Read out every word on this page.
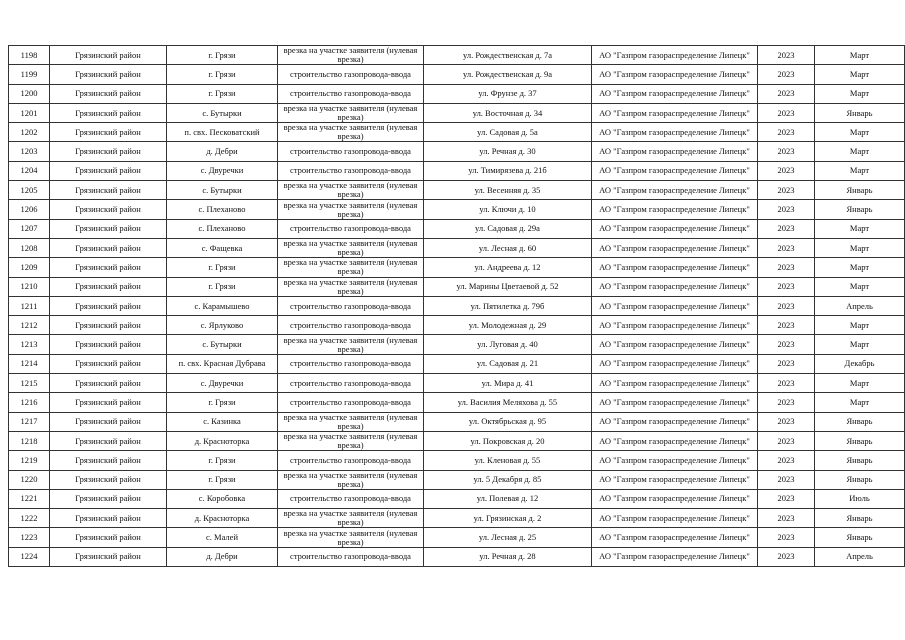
1198	Грязинский район	г. Грязи	врезка на участке заявителя (нулевая врезка)	ул. Рождественская д. 7а	АО "Газпром газораспределение Липецк"	2023	Март
1199	Грязинский район	г. Грязи	строительство газопровода-ввода	ул. Рождественская д. 9а	АО "Газпром газораспределение Липецк"	2023	Март
1200	Грязинский район	г. Грязи	строительство газопровода-ввода	ул. Фрунзе д. 37	АО "Газпром газораспределение Липецк"	2023	Март
1201	Грязинский район	с. Бутырки	врезка на участке заявителя (нулевая врезка)	ул. Восточная д. 34	АО "Газпром газораспределение Липецк"	2023	Январь
1202	Грязинский район	п. свх. Песковатский	врезка на участке заявителя (нулевая врезка)	ул. Садовая д. 5а	АО "Газпром газораспределение Липецк"	2023	Март
1203	Грязинский район	д. Дебри	строительство газопровода-ввода	ул. Речная д. 30	АО "Газпром газораспределение Липецк"	2023	Март
1204	Грязинский район	с. Двуречки	строительство газопровода-ввода	ул. Тимирязева д. 21б	АО "Газпром газораспределение Липецк"	2023	Март
1205	Грязинский район	с. Бутырки	врезка на участке заявителя (нулевая врезка)	ул. Весенняя д. 35	АО "Газпром газораспределение Липецк"	2023	Январь
1206	Грязинский район	с. Плеханово	врезка на участке заявителя (нулевая врезка)	ул. Ключи д. 10	АО "Газпром газораспределение Липецк"	2023	Январь
1207	Грязинский район	с. Плеханово	строительство газопровода-ввода	ул. Садовая д. 29а	АО "Газпром газораспределение Липецк"	2023	Март
1208	Грязинский район	с. Фащевка	врезка на участке заявителя (нулевая врезка)	ул. Лесная д. 60	АО "Газпром газораспределение Липецк"	2023	Март
1209	Грязинский район	г. Грязи	врезка на участке заявителя (нулевая врезка)	ул. Андреева д. 12	АО "Газпром газораспределение Липецк"	2023	Март
1210	Грязинский район	г. Грязи	врезка на участке заявителя (нулевая врезка)	ул. Марины Цветаевой д. 52	АО "Газпром газораспределение Липецк"	2023	Март
1211	Грязинский район	с. Карамышево	строительство газопровода-ввода	ул. Пятилетка д. 79б	АО "Газпром газораспределение Липецк"	2023	Апрель
1212	Грязинский район	с. Ярлуково	строительство газопровода-ввода	ул. Молодежная д. 29	АО "Газпром газораспределение Липецк"	2023	Март
1213	Грязинский район	с. Бутырки	врезка на участке заявителя (нулевая врезка)	ул. Луговая д. 40	АО "Газпром газораспределение Липецк"	2023	Март
1214	Грязинский район	п. свх. Красная Дубрава	строительство газопровода-ввода	ул. Садовая д. 21	АО "Газпром газораспределение Липецк"	2023	Декабрь
1215	Грязинский район	с. Двуречки	строительство газопровода-ввода	ул. Мира д. 41	АО "Газпром газораспределение Липецк"	2023	Март
1216	Грязинский район	г. Грязи	строительство газопровода-ввода	ул. Василия Меляхова д. 55	АО "Газпром газораспределение Липецк"	2023	Март
1217	Грязинский район	с. Казинка	врезка на участке заявителя (нулевая врезка)	ул. Октябрьская д. 95	АО "Газпром газораспределение Липецк"	2023	Январь
1218	Грязинский район	д. Красноторка	врезка на участке заявителя (нулевая врезка)	ул. Покровская д. 20	АО "Газпром газораспределение Липецк"	2023	Январь
1219	Грязинский район	г. Грязи	строительство газопровода-ввода	ул. Кленовая д. 55	АО "Газпром газораспределение Липецк"	2023	Январь
1220	Грязинский район	г. Грязи	врезка на участке заявителя (нулевая врезка)	ул. 5 Декабря д. 85	АО "Газпром газораспределение Липецк"	2023	Январь
1221	Грязинский район	с. Коробовка	строительство газопровода-ввода	ул. Полевая д. 12	АО "Газпром газораспределение Липецк"	2023	Июль
1222	Грязинский район	д. Красноторка	врезка на участке заявителя (нулевая врезка)	ул. Грязинская д. 2	АО "Газпром газораспределение Липецк"	2023	Январь
1223	Грязинский район	с. Малей	врезка на участке заявителя (нулевая врезка)	ул. Лесная д. 25	АО "Газпром газораспределение Липецк"	2023	Январь
1224	Грязинский район	д. Дебри	строительство газопровода-ввода	ул. Речная д. 28	АО "Газпром газораспределение Липецк"	2023	Апрель
